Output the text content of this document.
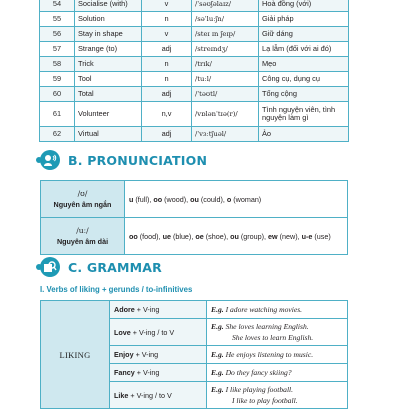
54	Socialise (with)	v	/ˈsəʊʃəlaɪz/	Hoà đồng (với)
55	Solution	n	/səˈluːʃn/	Giải pháp
56	Stay in shape	v	/steɪ ɪn ʃeɪp/	Giữ dáng
57	Strange (to)	adj	/streɪndʒ/	Lạ lẫm (đối với ai đó)
58	Trick	n	/trɪk/	Mẹo
59	Tool	n	/tuːl/	Công cụ, dụng cụ
60	Total	adj	/ˈtəʊtl/	Tổng cộng
61	Volunteer	n,v	/vɒlənˈtɪə(r)/	Tình nguyện viên, tình nguyện làm gì
62	Virtual	adj	/ˈvɜːtʃuəl/	Ảo
B. PRONUNCIATION
/ʊ/
Nguyên âm ngắn	u (full), oo (wood), ou (could), o (woman)

/uː/
Nguyên âm dài	oo (food), ue (blue), oe (shoe), ou (group), ew (new), u-e (use)
C. GRAMMAR
I. Verbs of liking + gerunds / to-infinitives
LIKING	Adore + V-ing	E.g. I adore watching movies.
	Love + V-ing / to V	E.g. She loves learning English.
She loves to learn English.

	Enjoy + V-ing	E.g. He enjoys listening to music.
	Fancy + V-ing	E.g. Do they fancy skiing?
	Like + V-ing / to V	E.g. I like playing football.
I like to play football.
